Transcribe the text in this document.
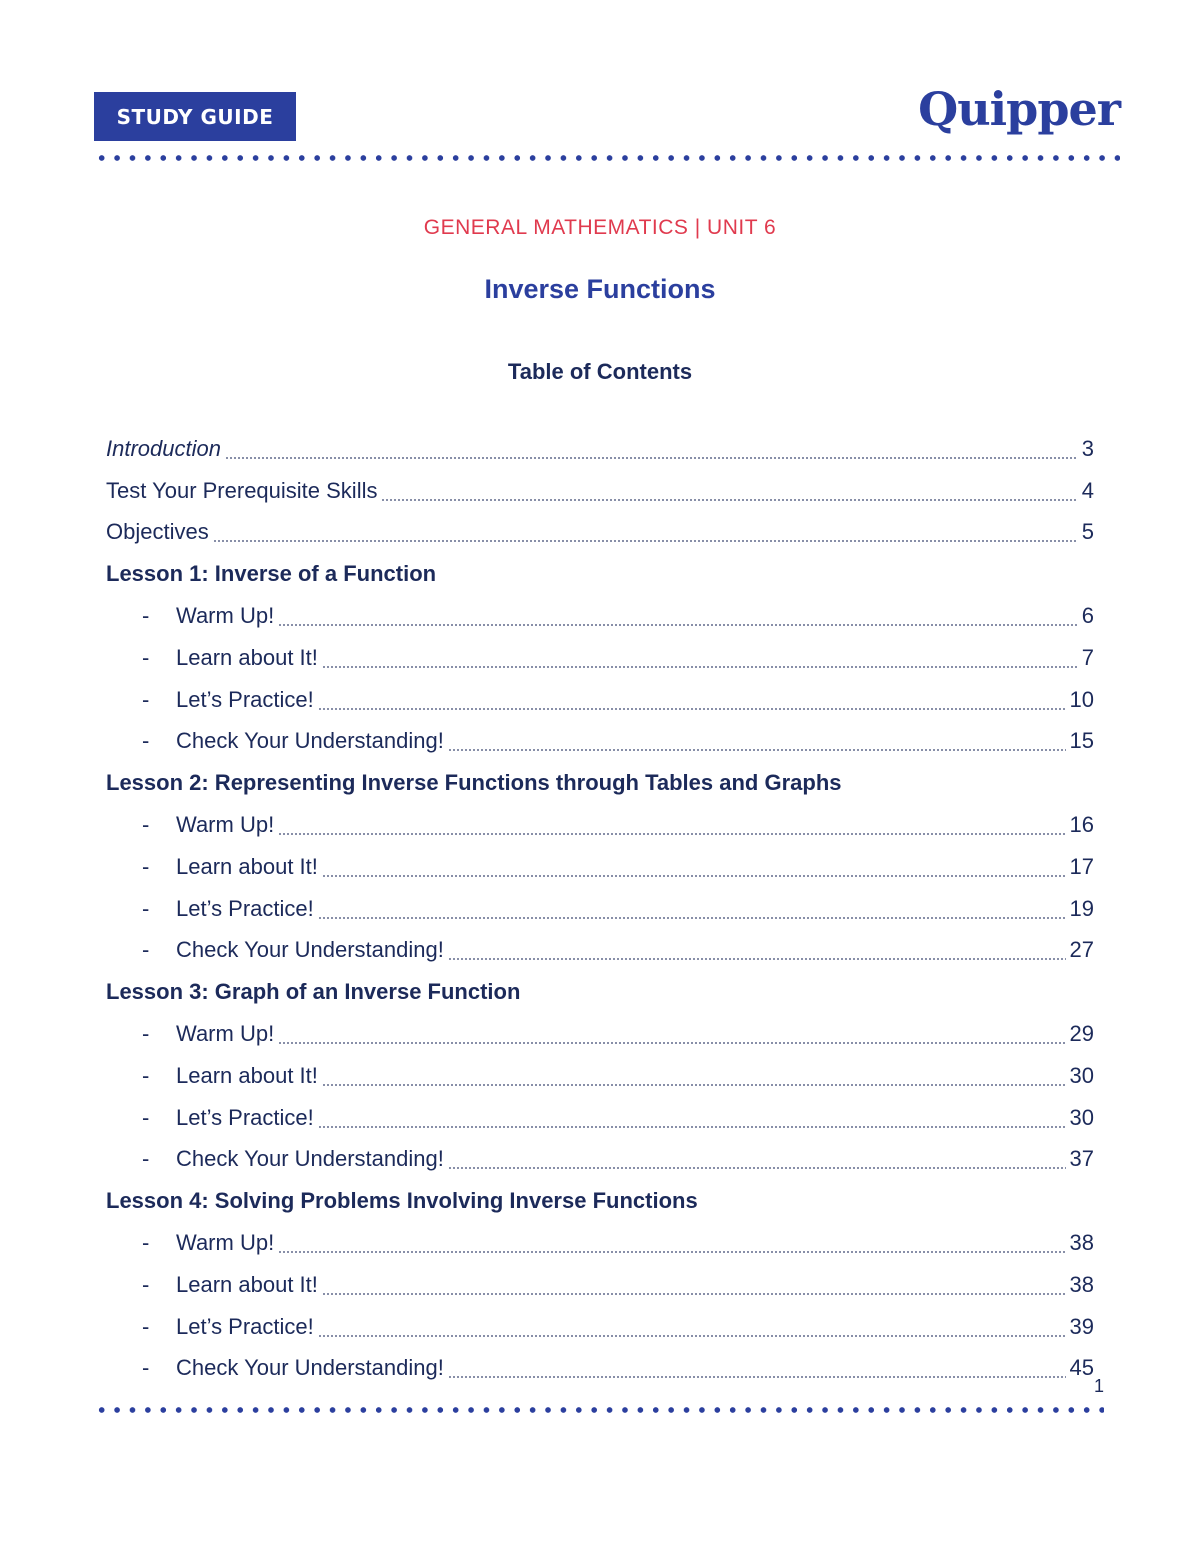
STUDY GUIDE	Quipper
GENERAL MATHEMATICS | UNIT 6
Inverse Functions
Table of Contents
Introduction	3
Test Your Prerequisite Skills	4
Objectives	5
Lesson 1: Inverse of a Function
-	Warm Up!	6
-	Learn about It!	7
-	Let’s Practice!	10
-	Check Your Understanding!	15
Lesson 2: Representing Inverse Functions through Tables and Graphs
-	Warm Up!	16
-	Learn about It!	17
-	Let’s Practice!	19
-	Check Your Understanding!	27
Lesson 3: Graph of an Inverse Function
-	Warm Up!	29
-	Learn about It!	30
-	Let’s Practice!	30
-	Check Your Understanding!	37
Lesson 4: Solving Problems Involving Inverse Functions
-	Warm Up!	38
-	Learn about It!	38
-	Let’s Practice!	39
-	Check Your Understanding!	45
1
